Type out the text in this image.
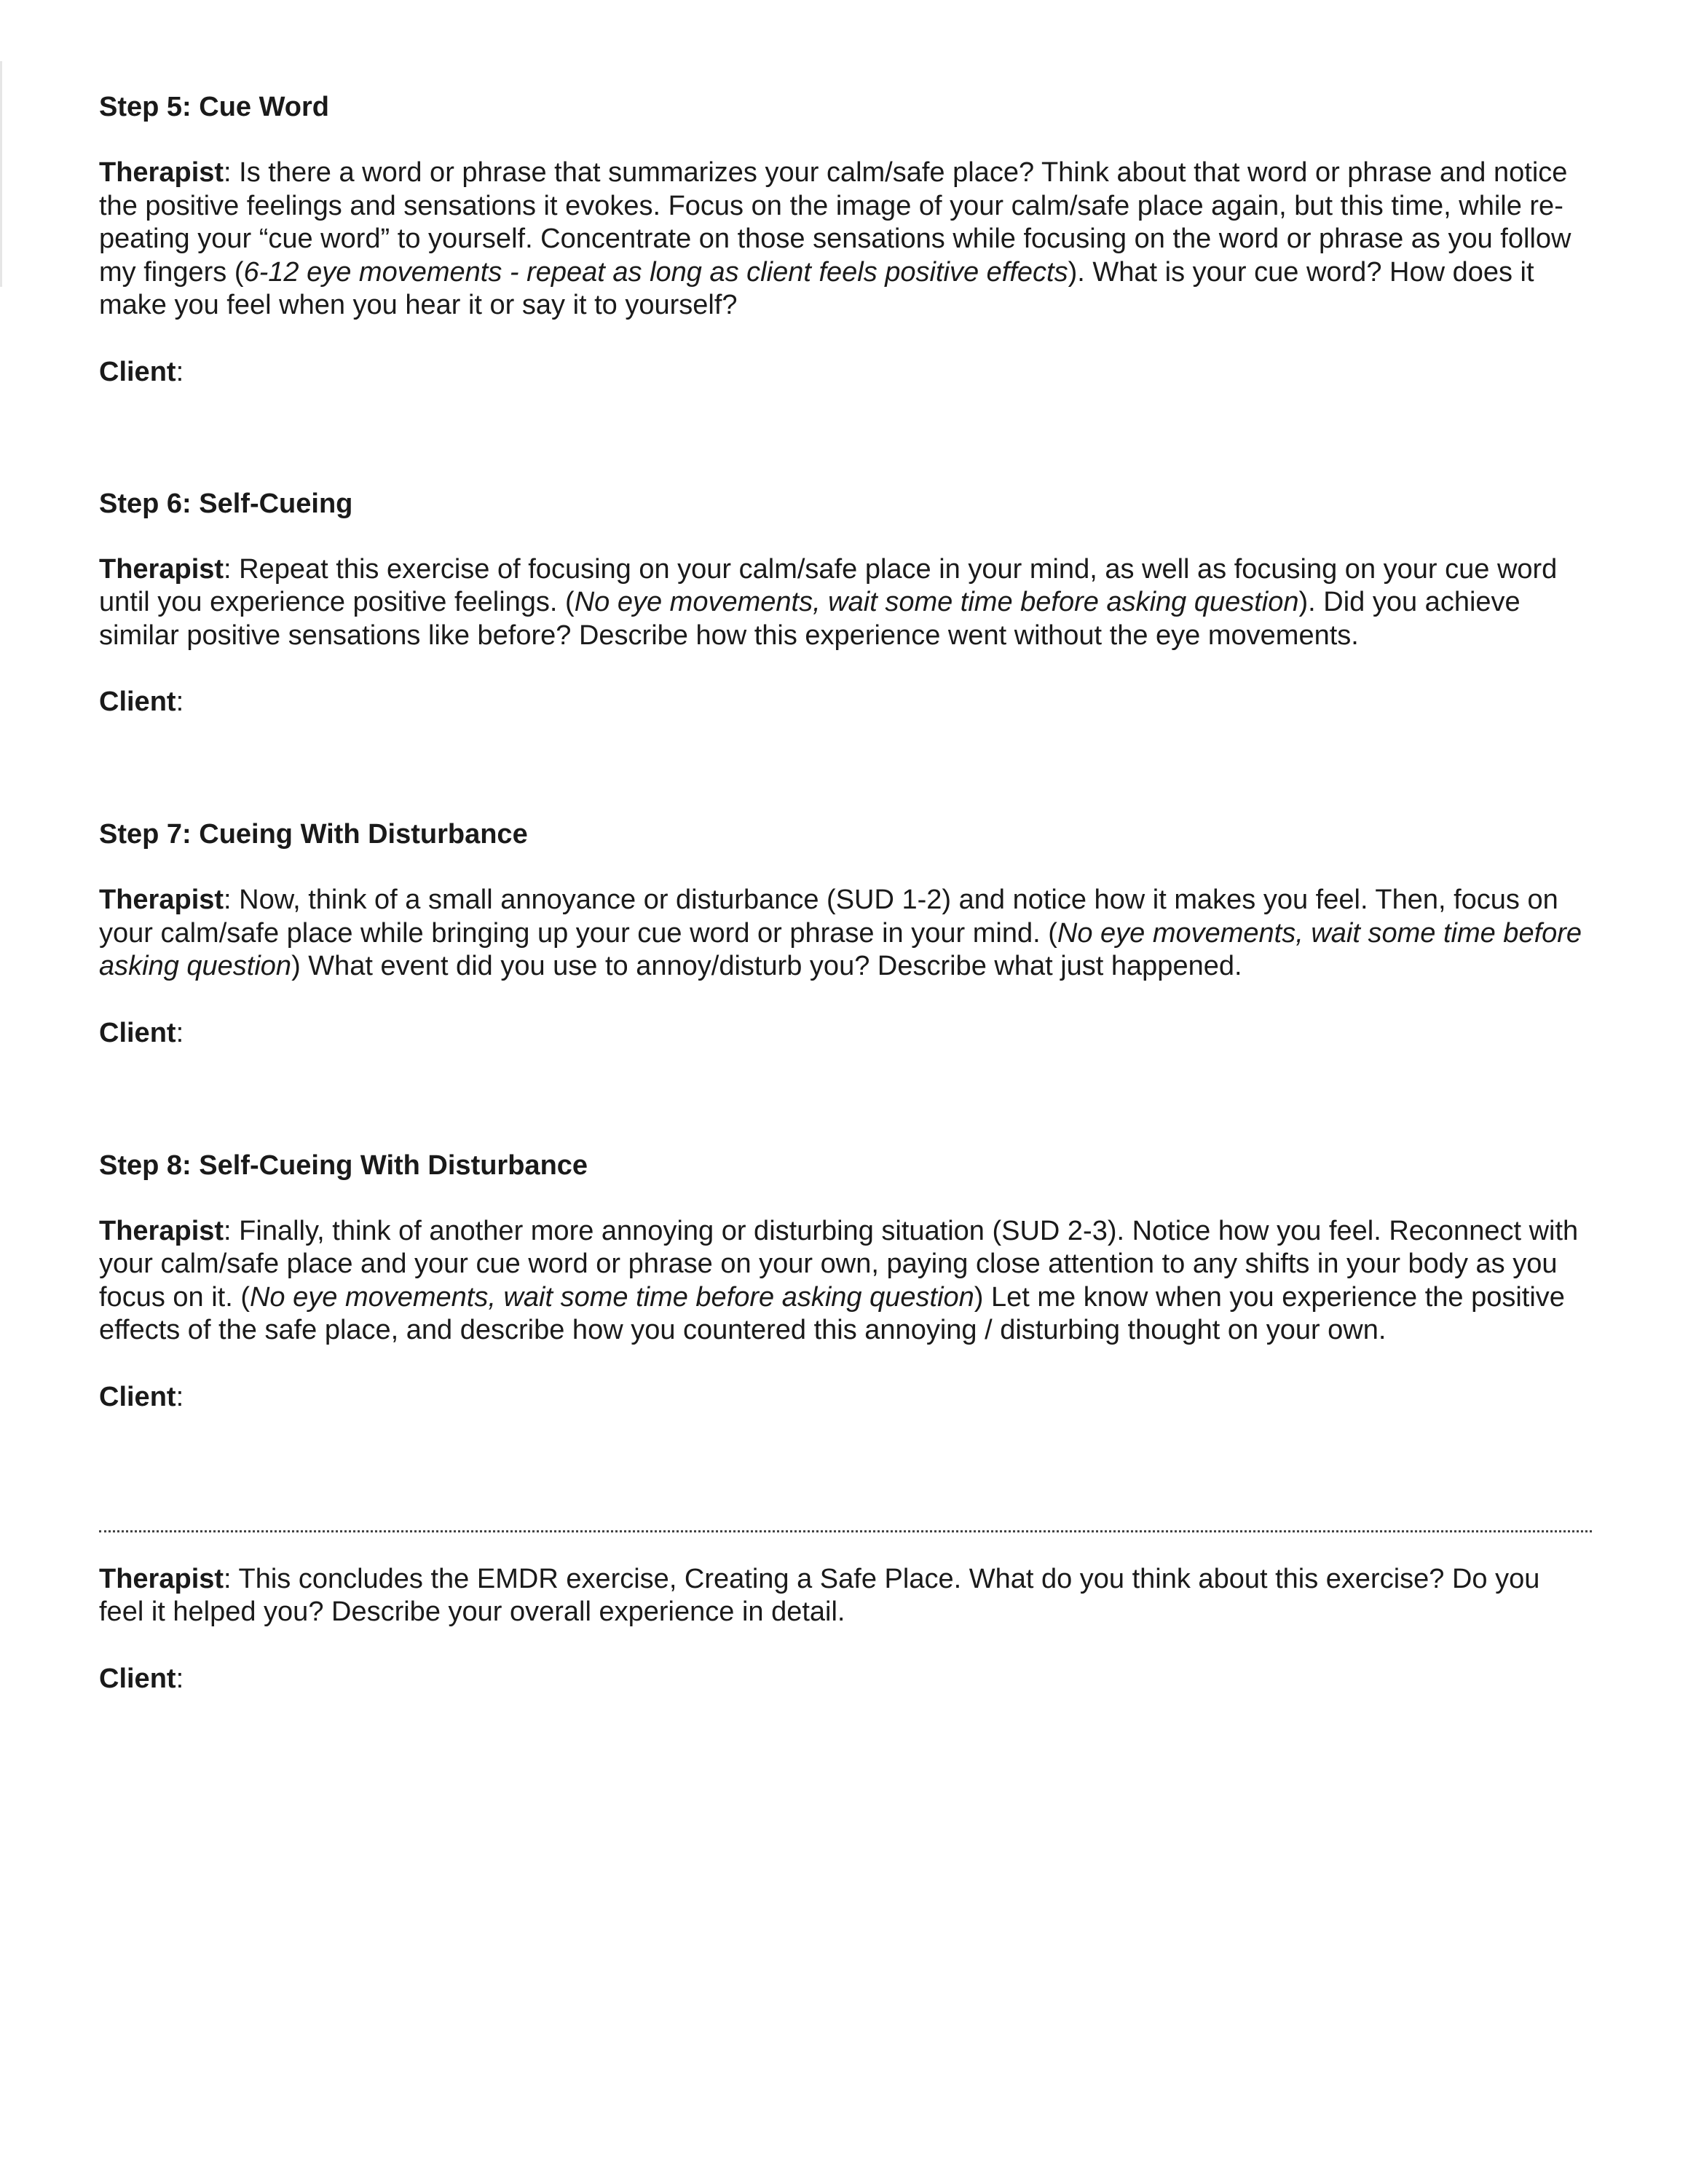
Step 5: Cue Word

Therapist: Is there a word or phrase that summarizes your calm/safe place? Think about that word or phrase and notice the positive feelings and sensations it evokes. Focus on the image of your calm/safe place again, but this time, while re-peating your “cue word” to yourself. Concentrate on those sensations while focusing on the word or phrase as you follow my fingers (6-12 eye movements - repeat as long as client feels positive effects). What is your cue word? How does it make you feel when you hear it or say it to yourself?

Client:

Step 6: Self-Cueing

Therapist: Repeat this exercise of focusing on your calm/safe place in your mind, as well as focusing on your cue word until you experience positive feelings. (No eye movements, wait some time before asking question). Did you achieve similar positive sensations like before? Describe how this experience went without the eye movements.

Client:

Step 7: Cueing With Disturbance

Therapist: Now, think of a small annoyance or disturbance (SUD 1-2) and notice how it makes you feel. Then, focus on your calm/safe place while bringing up your cue word or phrase in your mind. (No eye movements, wait some time before asking question) What event did you use to annoy/disturb you? Describe what just happened.

Client:

Step 8: Self-Cueing With Disturbance

Therapist: Finally, think of another more annoying or disturbing situation (SUD 2-3). Notice how you feel. Reconnect with your calm/safe place and your cue word or phrase on your own, paying close attention to any shifts in your body as you focus on it. (No eye movements, wait some time before asking question) Let me know when you experience the positive effects of the safe place, and describe how you countered this annoying / disturbing thought on your own.

Client:

Therapist: This concludes the EMDR exercise, Creating a Safe Place. What do you think about this exercise? Do you feel it helped you? Describe your overall experience in detail.

Client:
